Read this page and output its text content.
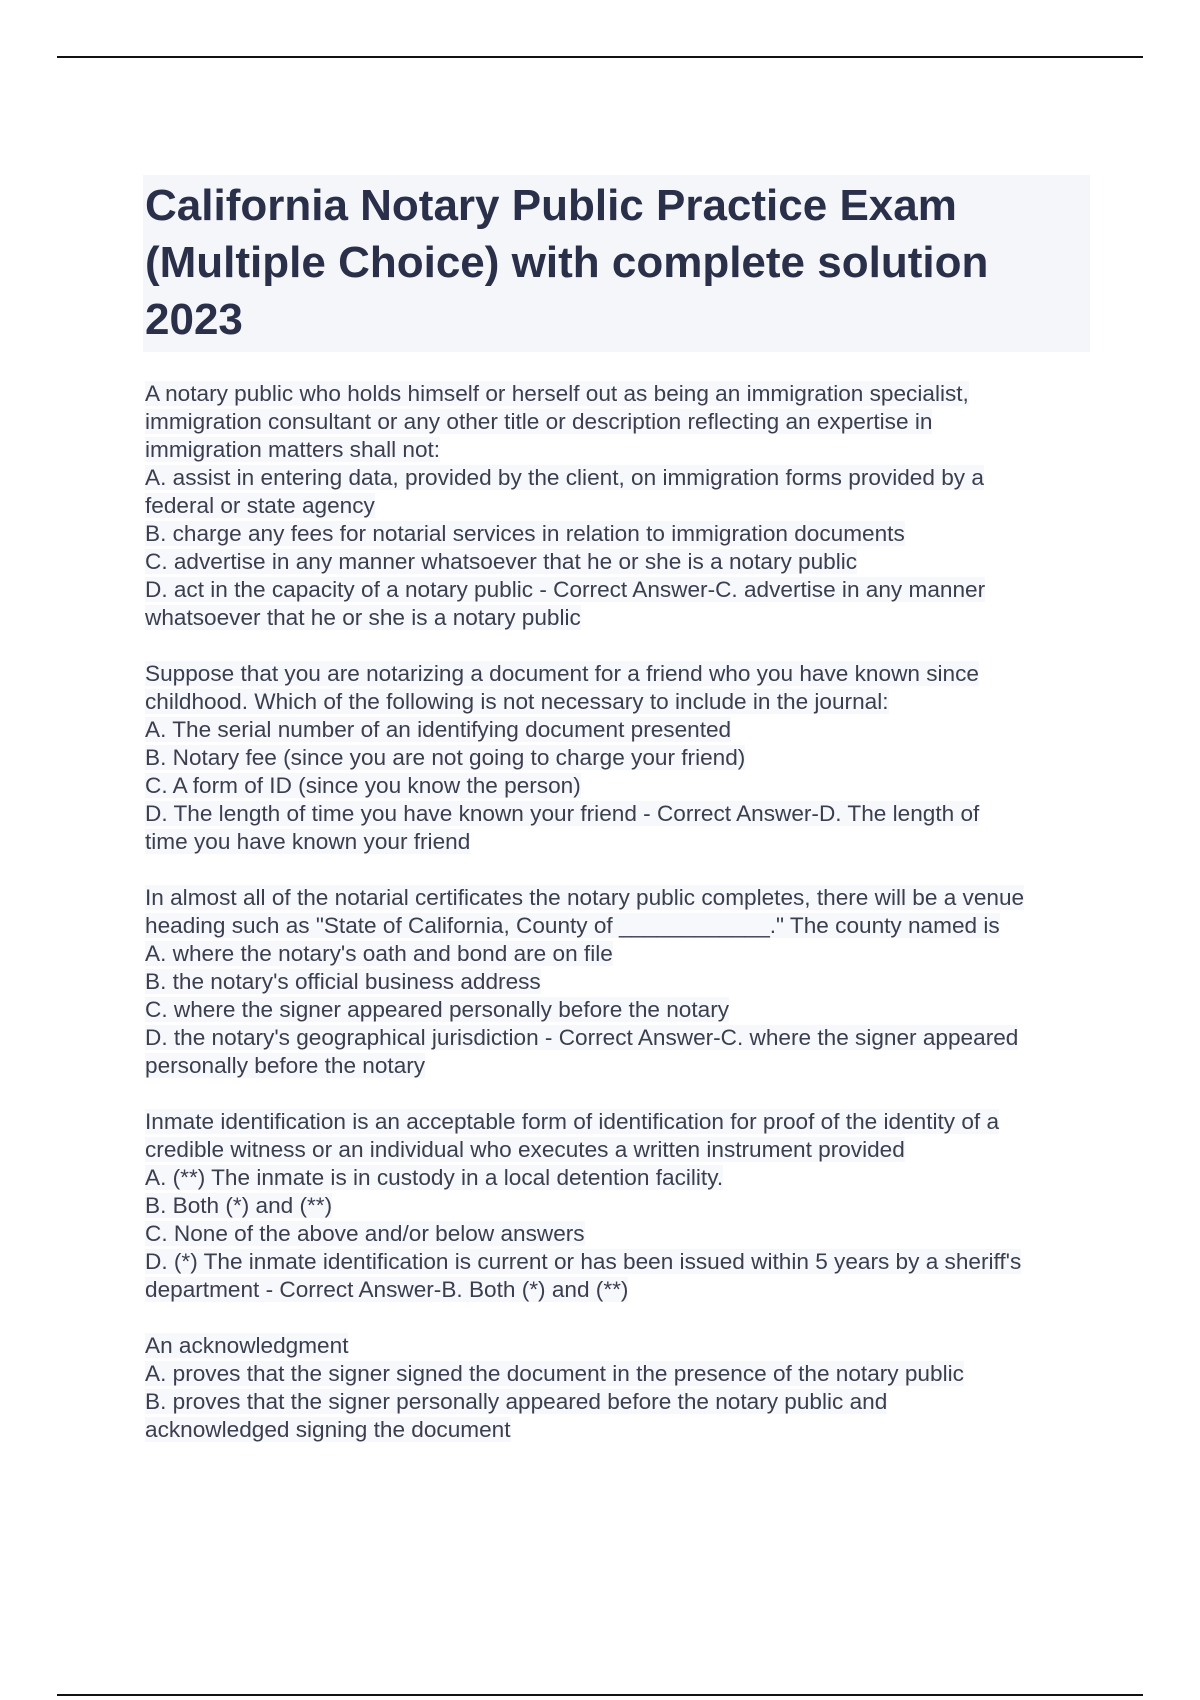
California Notary Public Practice Exam
(Multiple Choice) with complete solution
2023
A notary public who holds himself or herself out as being an immigration specialist,
immigration consultant or any other title or description reflecting an expertise in
immigration matters shall not:
A. assist in entering data, provided by the client, on immigration forms provided by a
federal or state agency
B. charge any fees for notarial services in relation to immigration documents
C. advertise in any manner whatsoever that he or she is a notary public
D. act in the capacity of a notary public - Correct Answer-C. advertise in any manner
whatsoever that he or she is a notary public
Suppose that you are notarizing a document for a friend who you have known since
childhood. Which of the following is not necessary to include in the journal:
A. The serial number of an identifying document presented
B. Notary fee (since you are not going to charge your friend)
C. A form of ID (since you know the person)
D. The length of time you have known your friend - Correct Answer-D. The length of
time you have known your friend
In almost all of the notarial certificates the notary public completes, there will be a venue
heading such as "State of California, County of ____________." The county named is
A. where the notary's oath and bond are on file
B. the notary's official business address
C. where the signer appeared personally before the notary
D. the notary's geographical jurisdiction - Correct Answer-C. where the signer appeared
personally before the notary
Inmate identification is an acceptable form of identification for proof of the identity of a
credible witness or an individual who executes a written instrument provided
A. (**) The inmate is in custody in a local detention facility.
B. Both (*) and (**)
C. None of the above and/or below answers
D. (*) The inmate identification is current or has been issued within 5 years by a sheriff's
department - Correct Answer-B. Both (*) and (**)
An acknowledgment
A. proves that the signer signed the document in the presence of the notary public
B. proves that the signer personally appeared before the notary public and
acknowledged signing the document
